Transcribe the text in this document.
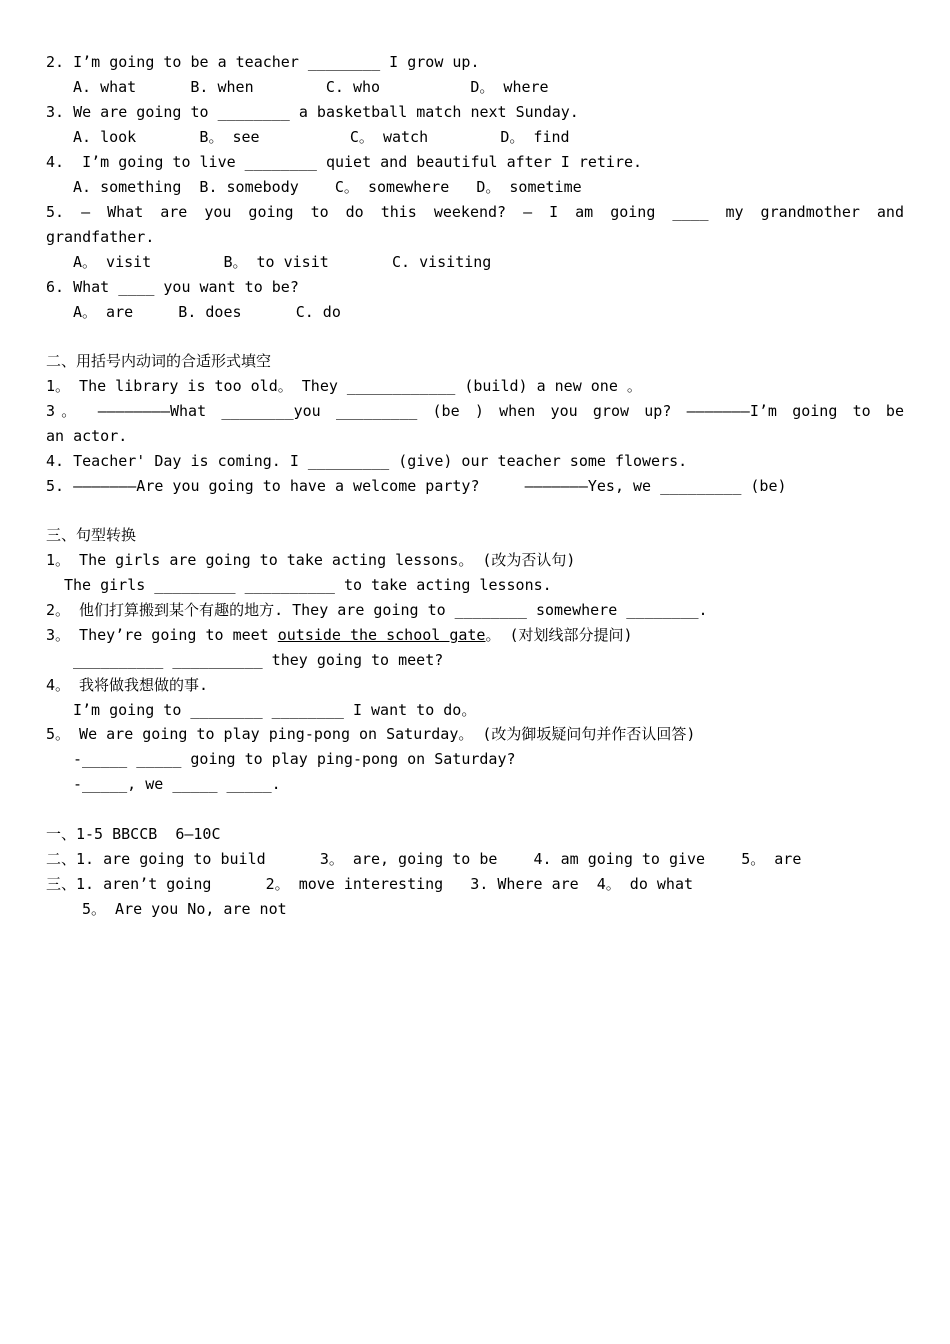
2. I’m going to be a teacher ________ I grow up.
A. what      B. when        C. who          D。 where
3. We are going to ________ a basketball match next Sunday.
A. look       B。 see          C。 watch        D。 find
4.  I’m going to live ________ quiet and beautiful after I retire.
A. something  B. somebody    C。 somewhere   D。 sometime
5. — What are you going to do this weekend? — I am going ____ my grandmother and
grandfather.
A。 visit        B。 to visit       C. visiting
6. What ____ you want to be?
A。 are     B. does      C. do
二、用括号内动词的合适形式填空
1。 The library is too old。 They ____________ (build) a new one 。
3。 ————————What ________you _________ (be ) when you grow up? ———————I’m going to be
an actor.
4. Teacher' Day is coming. I _________ (give) our teacher some flowers.
5. ———————Are you going to have a welcome party?     ———————Yes, we _________ (be)
三、句型转换
1。 The girls are going to take acting lessons。 (改为否认句)
The girls _________ __________ to take acting lessons.
2。 他们打算搬到某个有趣的地方. They are going to ________ somewhere ________.
3。 They’re going to meet outside the school gate。 (对划线部分提问)
__________ __________ they going to meet?
4。 我将做我想做的事.
I’m going to ________ ________ I want to do。
5。 We are going to play ping-pong on Saturday。 (改为御坂疑问句并作否认回答)
-_____ _____ going to play ping-pong on Saturday?
-_____, we _____ _____.
一、1-5 BBCCB  6—10C
二、1. are going to build      3。 are, going to be    4. am going to give    5。 are
三、1. aren’t going      2。 move interesting   3. Where are  4。 do what
5。 Are you No, are not
